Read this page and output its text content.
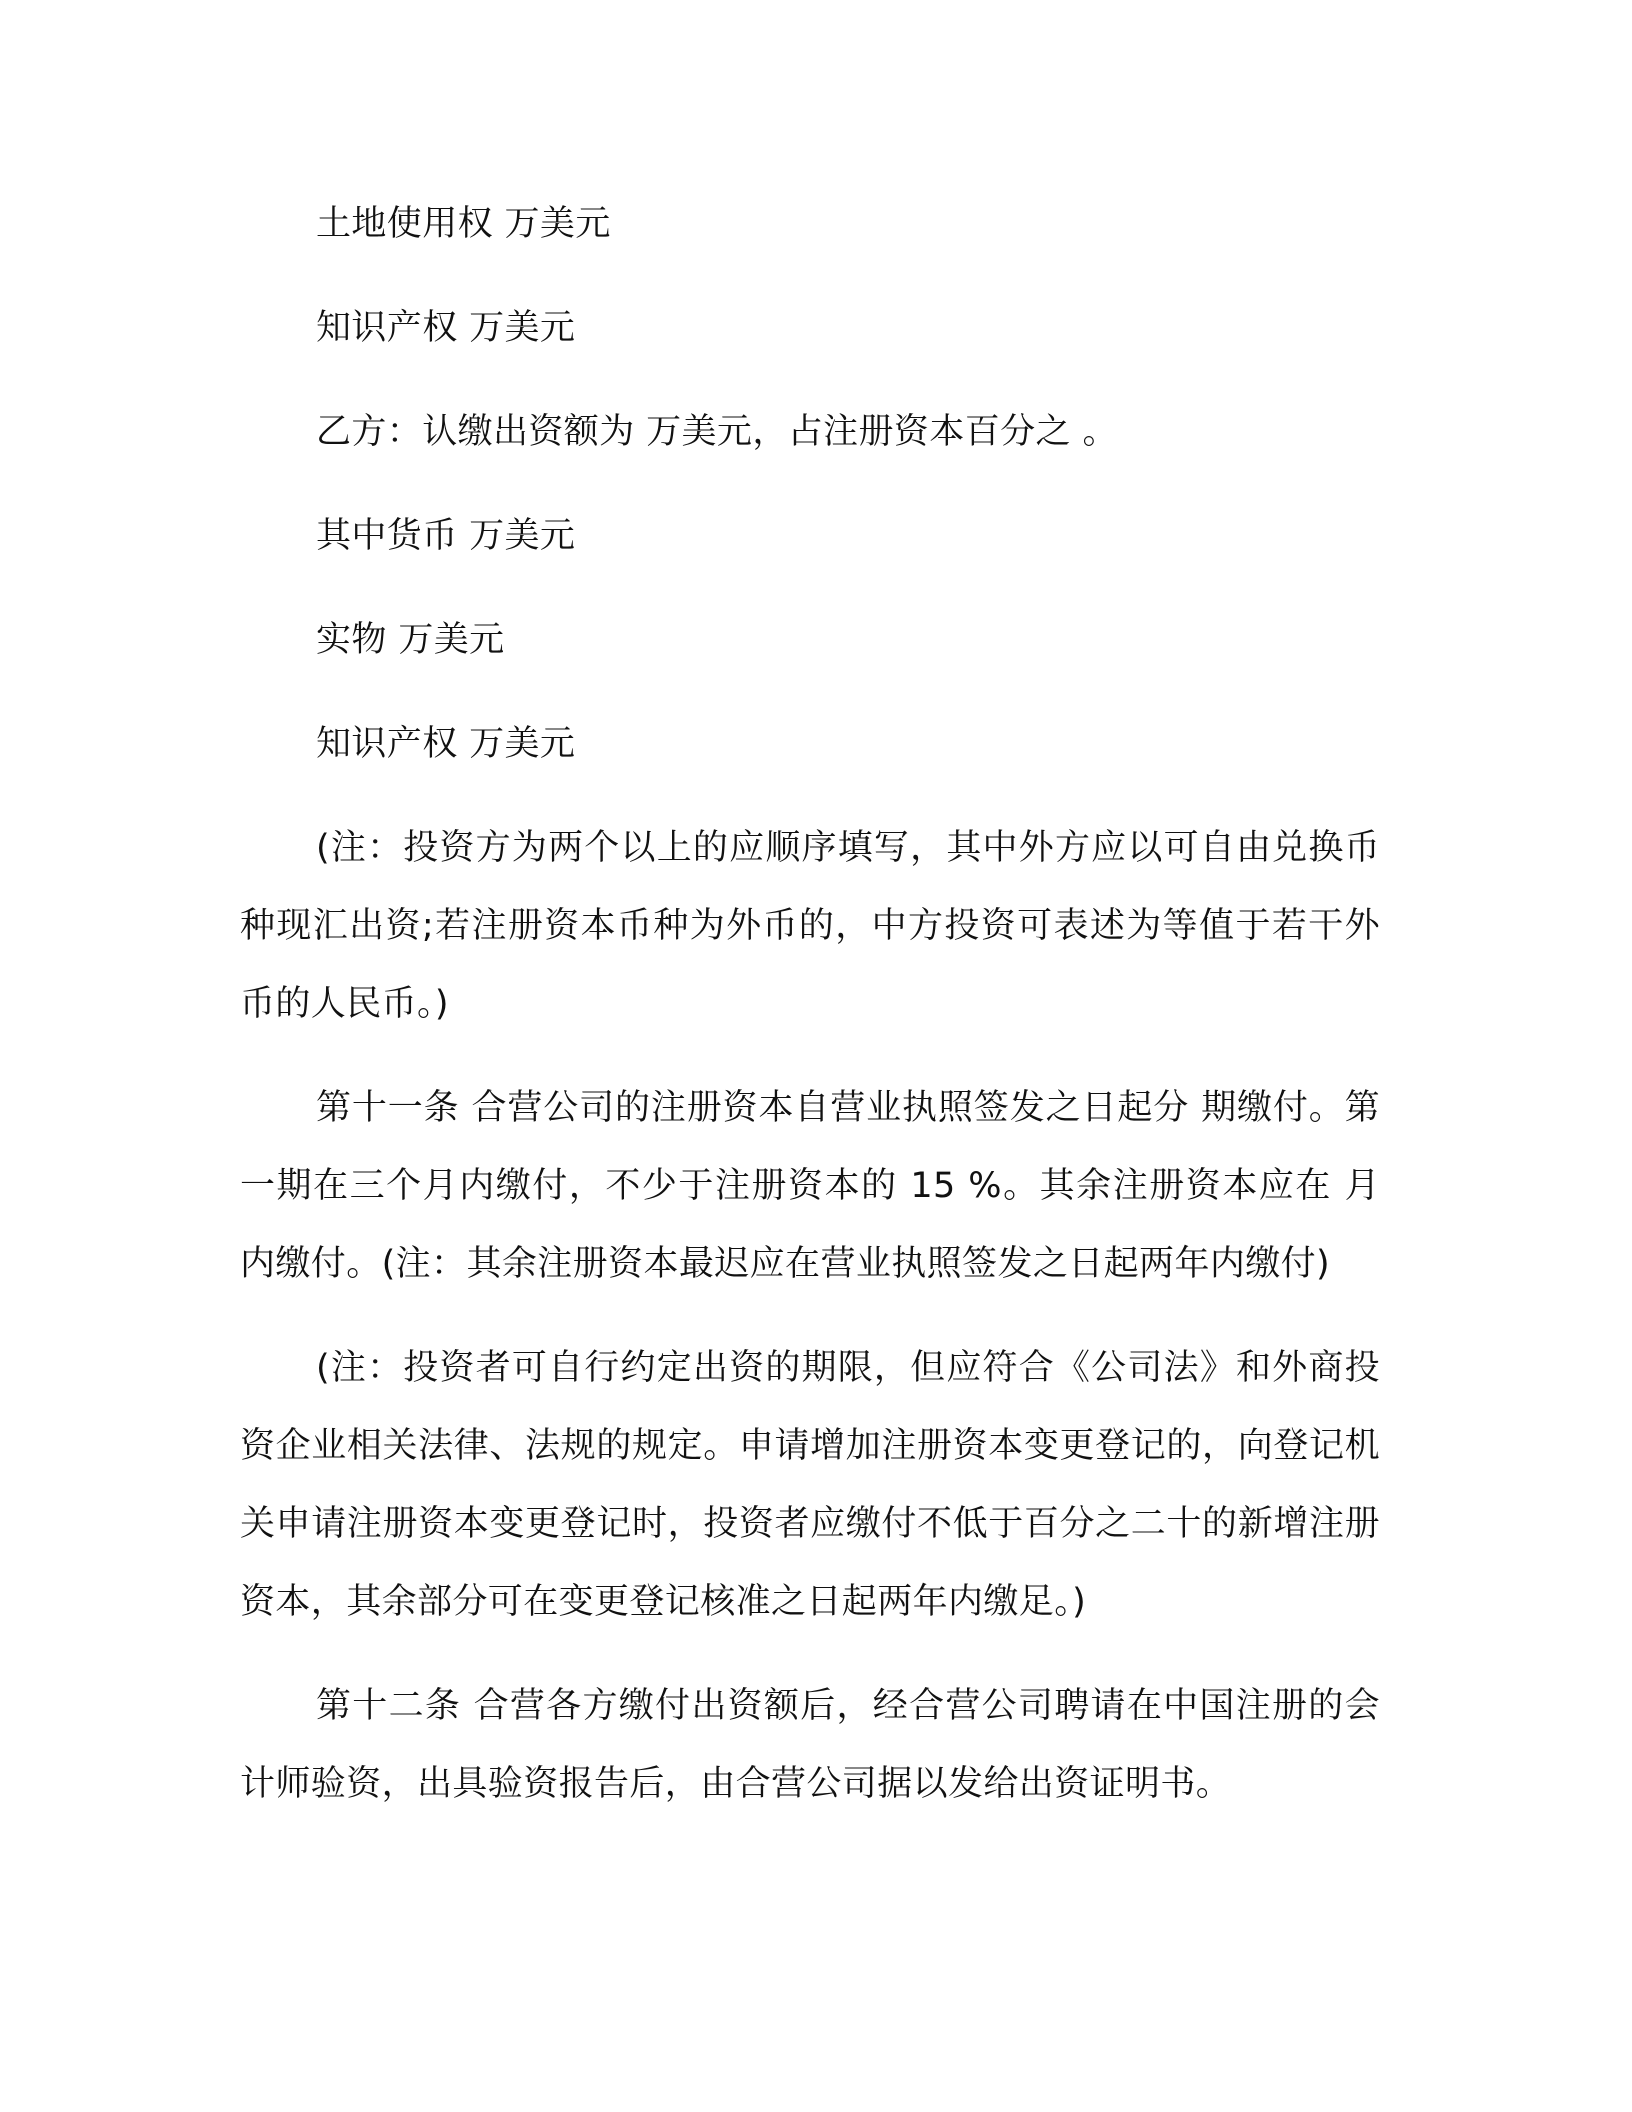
土地使用权 万美元

知识产权 万美元

乙方：认缴出资额为 万美元，占注册资本百分之 。

其中货币 万美元

实物 万美元

知识产权 万美元

(注：投资方为两个以上的应顺序填写，其中外方应以可自由兑换币种现汇出资;若注册资本币种为外币的，中方投资可表述为等值于若干外币的人民币。)

第十一条 合营公司的注册资本自营业执照签发之日起分 期缴付。第一期在三个月内缴付，不少于注册资本的 15 %。其余注册资本应在 月内缴付。(注：其余注册资本最迟应在营业执照签发之日起两年内缴付)

(注：投资者可自行约定出资的期限，但应符合《公司法》和外商投资企业相关法律、法规的规定。申请增加注册资本变更登记的，向登记机关申请注册资本变更登记时，投资者应缴付不低于百分之二十的新增注册资本，其余部分可在变更登记核准之日起两年内缴足。)

第十二条 合营各方缴付出资额后，经合营公司聘请在中国注册的会计师验资，出具验资报告后，由合营公司据以发给出资证明书。
